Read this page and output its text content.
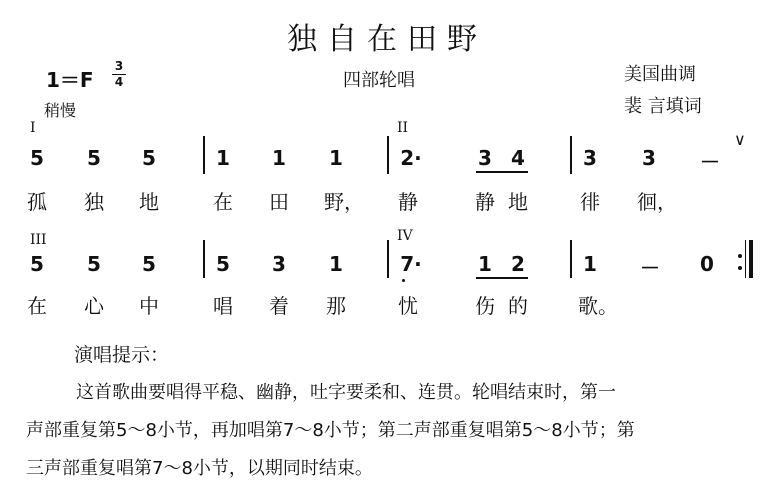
独自在田野
1＝F
3
4
稍慢
四部轮唱	美国曲调
裴 言填词
I	II
III	IV
5 5 5	1 1 1	2·	3 4	3 3 －
∨
孤 独 地	在 田 野， 静	静 地	徘 徊，
5 5 5	5 3 1	7·	1 2	1 － 0
在 心 中	唱 着 那	忧	伤 的	歌。
演唱提示：
这首歌曲要唱得平稳、幽静，吐字要柔和、连贯。轮唱结束时，第一
声部重复第5～8小节，再加唱第7～8小节；第二声部重复唱第5～8小节；第
三声部重复唱第7～8小节，以期同时结束。
